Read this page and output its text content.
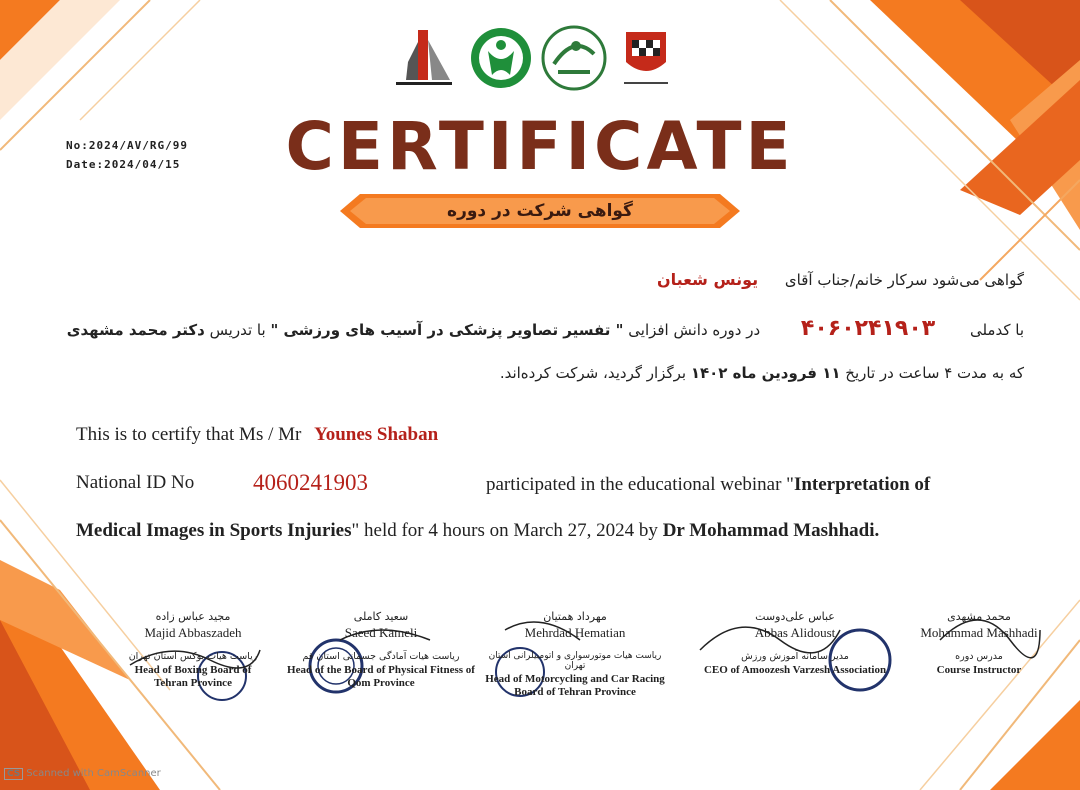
No:2024/AV/RG/99
Date:2024/04/15	CERTIFICATE
گواهی شرکت در دوره
گواهی می‌شود سرکار خانم/جناب آقای یونس شعبان
با کدملی ۴۰۶۰۲۴۱۹۰۳ در دوره دانش افزایی " تفسیر تصاویر پزشکی در آسیب های ورزشی " با تدریس دکتر محمد مشهدی
که به مدت ۴ ساعت در تاریخ ۱۱ فرودین ماه ۱۴۰۲ برگزار گردید، شرکت کرده‌اند.
This is to certify that Ms / Mr Younes Shaban
National ID No	4060241903	participated in the educational webinar "Interpretation of
Medical Images in Sports Injuries" held for 4 hours on March 27, 2024 by Dr Mohammad Mashhadi.
مجید عباس زاده
Majid Abbaszadeh
رياست هيات بوكس استان تهران
Head of Boxing Board of Tehran Province
سعید کاملی
Saeed Kameli
رياست هيات آمادگی جسمانی استان قم
Head of the Board of Physical Fitness of Qom Province
مهرداد همتیان
Mehrdad Hematian
رياست هيات موتورسواری و اتومبیلرانی استان تهران
Head of Motorcycling and Car Racing Board of Tehran Province
عباس علی‌دوست
Abbas Alidoust
مدیر سامانه آموزش ورزش
CEO of Amoozesh Varzesh Association
محمد مشهدی
Mohammad Mashhadi
مدرس دوره
Course Instructor
CS Scanned with CamScanner
